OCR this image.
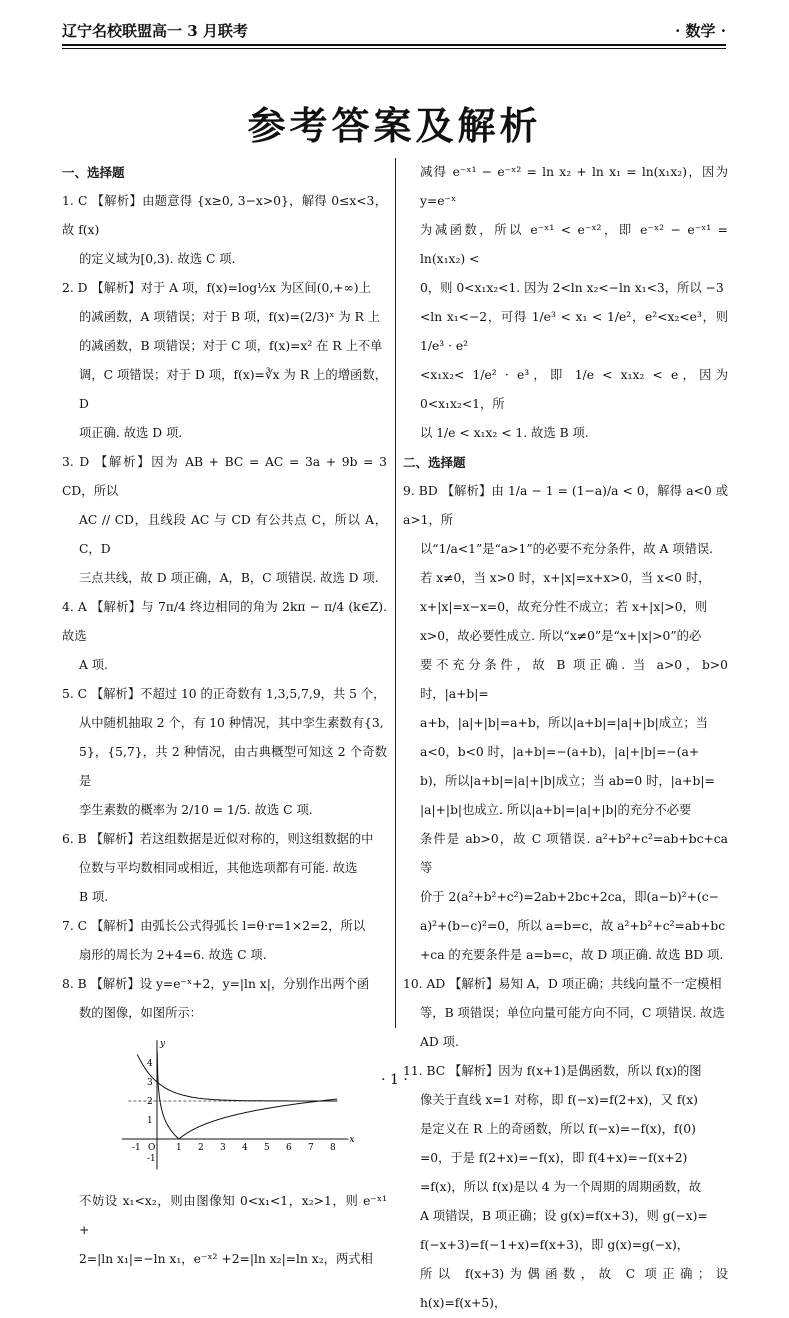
辽宁名校联盟高一 3 月联考	· 数学 ·
参考答案及解析
一、选择题
1. C 【解析】由题意得 {x≥0, 3−x>0}，解得 0≤x<3，故 f(x)
的定义域为[0,3). 故选 C 项.
2. D 【解析】对于 A 项，f(x)=log½x 为区间(0,+∞)上
的减函数，A 项错误；对于 B 项，f(x)=(2/3)ˣ 为 R 上
的减函数，B 项错误；对于 C 项，f(x)=x² 在 R 上不单
调，C 项错误；对于 D 项，f(x)=∛x 为 R 上的增函数，D
项正确. 故选 D 项.
3. D 【解析】因为 AB + BC = AC = 3a + 9b = 3 CD，所以
AC // CD，且线段 AC 与 CD 有公共点 C，所以 A，C，D
三点共线，故 D 项正确，A，B，C 项错误. 故选 D 项.
4. A 【解析】与 7π/4 终边相同的角为 2kπ − π/4 (k∈Z). 故选
A 项.
5. C 【解析】不超过 10 的正奇数有 1,3,5,7,9，共 5 个，
从中随机抽取 2 个，有 10 种情况，其中孪生素数有{3,
5}，{5,7}，共 2 种情况，由古典概型可知这 2 个奇数是
孪生素数的概率为 2/10 = 1/5. 故选 C 项.
6. B 【解析】若这组数据是近似对称的，则这组数据的中
位数与平均数相同或相近，其他选项都有可能. 故选
B 项.
7. C 【解析】由弧长公式得弧长 l=θ·r=1×2=2，所以
扇形的周长为 2+4=6. 故选 C 项.
8. B 【解析】设 y=e⁻ˣ+2，y=|ln x|，分别作出两个函
数的图像，如图所示：
-1 O 1 2 3 4 5 6 7 8
4
3
2
1
-1
x
y
不妨设 x₁<x₂，则由图像知 0<x₁<1，x₂>1，则 e⁻ˣ¹ +
2=|ln x₁|=−ln x₁，e⁻ˣ² +2=|ln x₂|=ln x₂，两式相
减得 e⁻ˣ¹ − e⁻ˣ² = ln x₂ + ln x₁ = ln(x₁x₂)，因为 y=e⁻ˣ
为减函数，所以 e⁻ˣ¹ < e⁻ˣ²，即 e⁻ˣ² − e⁻ˣ¹ = ln(x₁x₂) <
0，则 0<x₁x₂<1. 因为 2<ln x₂<−ln x₁<3，所以 −3
<ln x₁<−2，可得 1/e³ < x₁ < 1/e²，e²<x₂<e³，则 1/e³ · e²
<x₁x₂< 1/e² · e³，即 1/e < x₁x₂ < e，因为 0<x₁x₂<1，所
以 1/e < x₁x₂ < 1. 故选 B 项.
二、选择题
9. BD 【解析】由 1/a − 1 = (1−a)/a < 0，解得 a<0 或 a>1，所
以“1/a<1”是“a>1”的必要不充分条件，故 A 项错误.
若 x≠0，当 x>0 时，x+|x|=x+x>0，当 x<0 时，
x+|x|=x−x=0，故充分性不成立；若 x+|x|>0，则
x>0，故必要性成立. 所以“x≠0”是“x+|x|>0”的必
要不充分条件，故 B 项正确. 当 a>0，b>0 时，|a+b|=
a+b，|a|+|b|=a+b，所以|a+b|=|a|+|b|成立；当
a<0，b<0 时，|a+b|=−(a+b)，|a|+|b|=−(a+
b)，所以|a+b|=|a|+|b|成立；当 ab=0 时，|a+b|=
|a|+|b|也成立. 所以|a+b|=|a|+|b|的充分不必要
条件是 ab>0，故 C 项错误. a²+b²+c²=ab+bc+ca 等
价于 2(a²+b²+c²)=2ab+2bc+2ca，即(a−b)²+(c−
a)²+(b−c)²=0，所以 a=b=c，故 a²+b²+c²=ab+bc
+ca 的充要条件是 a=b=c，故 D 项正确. 故选 BD 项.
10. AD 【解析】易知 A，D 项正确；共线向量不一定模相
等，B 项错误；单位向量可能方向不同，C 项错误. 故选
AD 项.
11. BC 【解析】因为 f(x+1)是偶函数，所以 f(x)的图
像关于直线 x=1 对称，即 f(−x)=f(2+x)，又 f(x)
是定义在 R 上的奇函数，所以 f(−x)=−f(x)，f(0)
=0，于是 f(2+x)=−f(x)，即 f(4+x)=−f(x+2)
=f(x)，所以 f(x)是以 4 为一个周期的周期函数，故
A 项错误，B 项正确；设 g(x)=f(x+3)，则 g(−x)=
f(−x+3)=f(−1+x)=f(x+3)，即 g(x)=g(−x)，
所以 f(x+3)为偶函数，故 C 项正确；设 h(x)=f(x+5)，
· 1 ·
